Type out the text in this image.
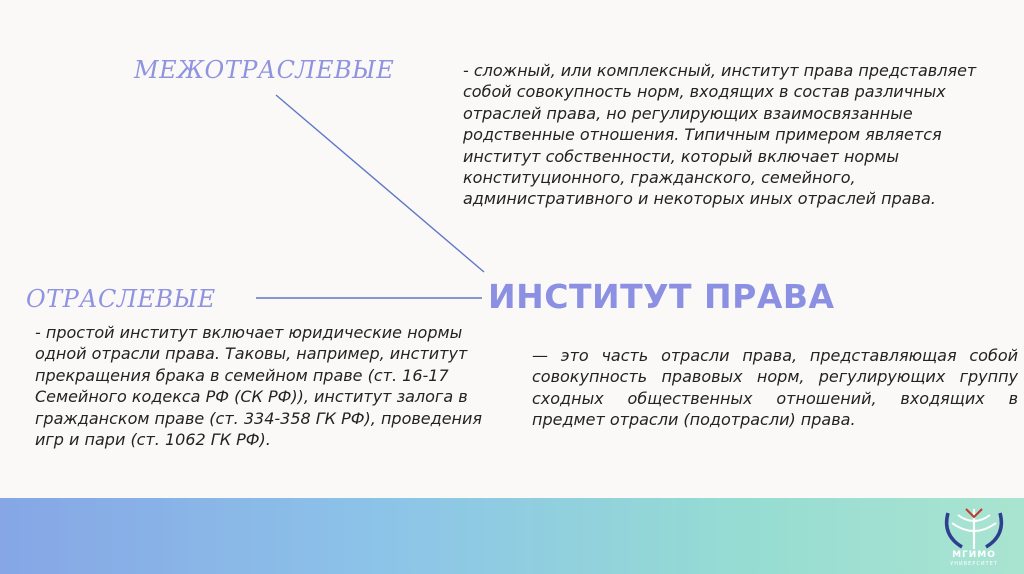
МЕЖОТРАСЛЕВЫЕ
ОТРАСЛЕВЫЕ	ИНСТИТУТ ПРАВА
- сложный, или комплексный, институт права представляет собой совокупность норм, входящих в состав различных отраслей права, но регулирующих взаимосвязанные родственные отношения. Типичным примером является институт собственности, который включает нормы конституционного, гражданского, семейного, административного и некоторых иных отраслей права.
- простой институт включает юридические нормы одной отрасли права. Таковы, например, институт прекращения брака в семейном праве (ст. 16-17 Семейного кодекса РФ (СК РФ)), институт залога в гражданском праве (ст. 334-358 ГК РФ), проведения игр и пари (ст. 1062 ГК РФ).
— это часть отрасли права, представляющая собой совокупность правовых норм, регулирующих группу сходных общественных отношений, входящих в предмет отрасли (подотрасли) права.
МГИМО
УНИВЕРСИТЕТ
